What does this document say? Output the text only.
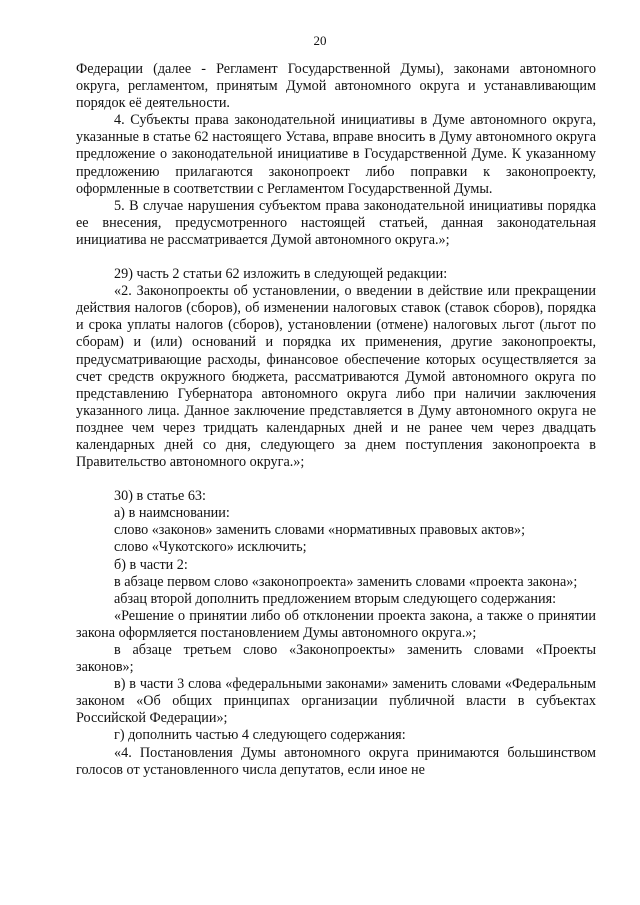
20

Федерации (далее - Регламент Государственной Думы), законами автономного округа, регламентом, принятым Думой автономного округа и устанавливающим порядок её деятельности.

4. Субъекты права законодательной инициативы в Думе автономного округа, указанные в статье 62 настоящего Устава, вправе вносить в Думу автономного округа предложение о законодательной инициативе в Государственной Думе. К указанному предложению прилагаются законопроект либо поправки к законопроекту, оформленные в соответствии с Регламентом Государственной Думы.

5. В случае нарушения субъектом права законодательной инициативы порядка ее внесения, предусмотренного настоящей статьей, данная законодательная инициатива не рассматривается Думой автономного округа.»;

29) часть 2 статьи 62 изложить в следующей редакции:

«2. Законопроекты об установлении, о введении в действие или прекращении действия налогов (сборов), об изменении налоговых ставок (ставок сборов), порядка и срока уплаты налогов (сборов), установлении (отмене) налоговых льгот (льгот по сборам) и (или) оснований и порядка их применения, другие законопроекты, предусматривающие расходы, финансовое обеспечение которых осуществляется за счет средств окружного бюджета, рассматриваются Думой автономного округа по представлению Губернатора автономного округа либо при наличии заключения указанного лица. Данное заключение представляется в Думу автономного округа не позднее чем через тридцать календарных дней и не ранее чем через двадцать календарных дней со дня, следующего за днем поступления законопроекта в Правительство автономного округа.»;

30) в статье 63:

а) в наимсновании:

слово «законов» заменить словами «нормативных правовых актов»;

слово «Чукотского» исключить;

б) в части 2:

в абзаце первом слово «законопроекта» заменить словами «проекта закона»;

абзац второй дополнить предложением вторым следующего содержания:

«Решение о принятии либо об отклонении проекта закона, а также о принятии закона оформляется постановлением Думы автономного округа.»;

в абзаце третьем слово «Законопроекты» заменить словами «Проекты законов»;

в) в части 3 слова «федеральными законами» заменить словами «Федеральным законом «Об общих принципах организации публичной власти в субъектах Российской Федерации»;

г) дополнить частью 4 следующего содержания:

«4. Постановления Думы автономного округа принимаются большинством голосов от установленного числа депутатов, если иное не
